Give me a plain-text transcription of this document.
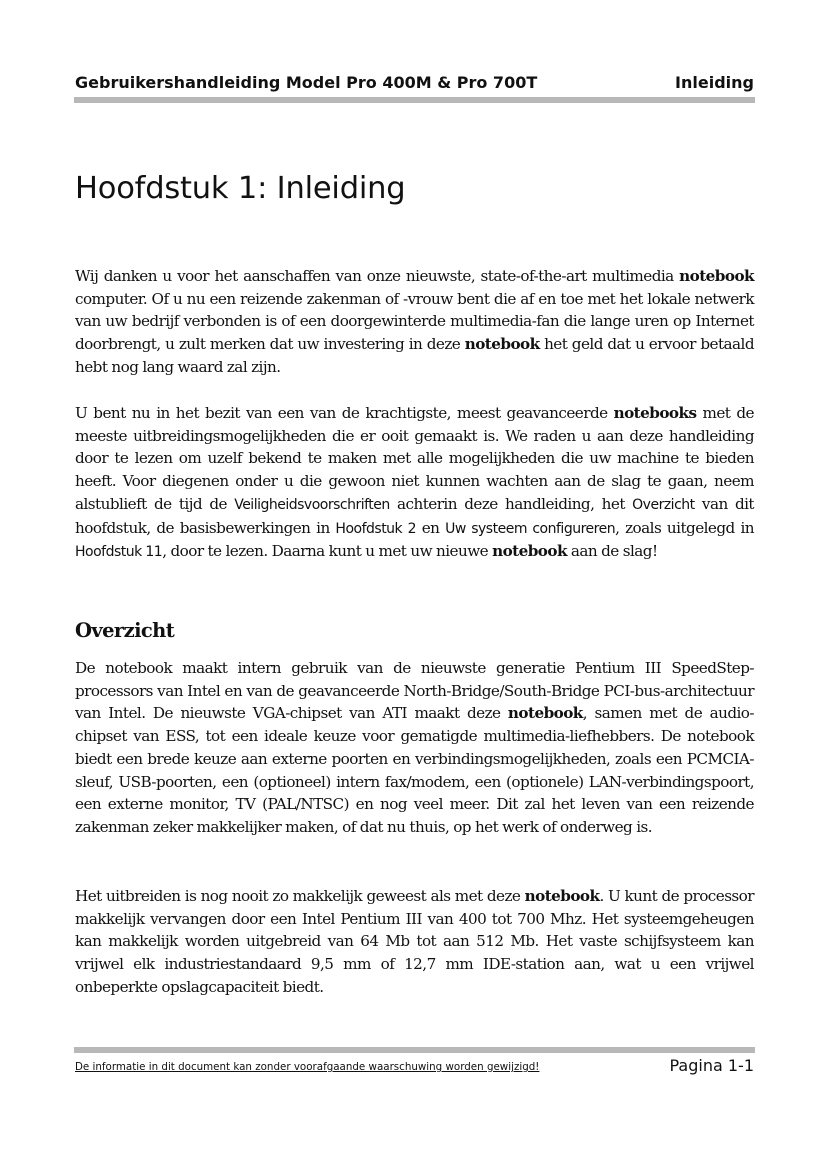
Gebruikershandleiding Model Pro 400M & Pro 700T	Inleiding
Hoofdstuk 1: Inleiding

Wij danken u voor het aanschaffen van onze nieuwste, state-of-the-art multimedia notebook computer. Of u nu een reizende zakenman of -vrouw bent die af en toe met het lokale netwerk van uw bedrijf verbonden is of een doorgewinterde multimedia-fan die lange uren op Internet doorbrengt, u zult merken dat uw investering in deze notebook het geld dat u ervoor betaald hebt nog lang waard zal zijn.

U bent nu in het bezit van een van de krachtigste, meest geavanceerde notebooks met de meeste uitbreidingsmogelijkheden die er ooit gemaakt is. We raden u aan deze handleiding door te lezen om uzelf bekend te maken met alle mogelijkheden die uw machine te bieden heeft. Voor diegenen onder u die gewoon niet kunnen wachten aan de slag te gaan, neem alstublieft de tijd de Veiligheidsvoorschriften achterin deze handleiding, het Overzicht van dit hoofdstuk, de basisbewerkingen in Hoofdstuk 2 en Uw systeem configureren, zoals uitgelegd in Hoofdstuk 11, door te lezen. Daarna kunt u met uw nieuwe notebook aan de slag!

Overzicht

De notebook maakt intern gebruik van de nieuwste generatie Pentium III SpeedStep-processors van Intel en van de geavanceerde North-Bridge/South-Bridge PCI-bus-architectuur van Intel. De nieuwste VGA-chipset van ATI maakt deze notebook, samen met de audio-chipset van ESS, tot een ideale keuze voor gematigde multimedia-liefhebbers. De notebook biedt een brede keuze aan externe poorten en verbindingsmogelijkheden, zoals een PCMCIA-sleuf, USB-poorten, een (optioneel) intern fax/modem, een (optionele) LAN-verbindingspoort, een externe monitor, TV (PAL/NTSC) en nog veel meer. Dit zal het leven van een reizende zakenman zeker makkelijker maken, of dat nu thuis, op het werk of onderweg is.

Het uitbreiden is nog nooit zo makkelijk geweest als met deze notebook. U kunt de processor makkelijk vervangen door een Intel Pentium III van 400 tot 700 Mhz. Het systeemgeheugen kan makkelijk worden uitgebreid van 64 Mb tot aan 512 Mb. Het vaste schijfsysteem kan vrijwel elk industriestandaard 9,5 mm of 12,7 mm IDE-station aan, wat u een vrijwel onbeperkte opslagcapaciteit biedt.

De informatie in dit document kan zonder voorafgaande waarschuwing worden gewijzigd!	Pagina 1-1
